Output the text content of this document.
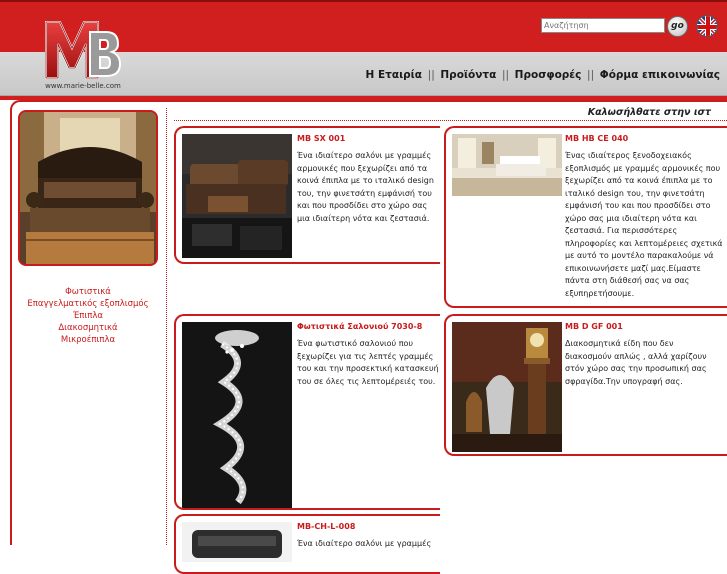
www.marie-belle.com
Αναζήτηση
go
Η Εταιρία || Προϊόντα || Προσφορές || Φόρμα επικοινωνίας
Φωτιστικά
Επαγγελματικός εξοπλισμός
Έπιπλα
Διακοσμητικά
Μικροέπιπλα
Καλωσήλθατε στην ιστ
MB SX 001
Ένα ιδιαίτερο σαλόνι με γραμμές αρμονικές που ξεχωρίζει από τα κοινά έπιπλα με το ιταλικό design του, την φινετσάτη εμφάνισή του και που προσδίδει στο χώρο σας μια ιδιαίτερη νότα και ζεστασιά.
MB HB CE 040
Ένας ιδιαίτερος ξενοδοχειακός εξοπλισμός με γραμμές αρμονικές που ξεχωρίζει από τα κοινά έπιπλα με το ιταλικό design του, την φινετσάτη εμφάνισή του και που προσδίδει στο χώρο σας μια ιδιαίτερη νότα και ζεστασιά. Για περισσότερες πληροφορίες και λεπτομέρειες σχετικά με αυτό το μοντέλο παρακαλούμε νά επικοινωνήσετε μαζί μας.Είμαστε πάντα στη διάθεσή σας να σας εξυπηρετήσουμε.
Φωτιστικά Σαλονιού 7030-8
Ένα φωτιστικό σαλονιού που ξεχωρίζει για τις λεπτές γραμμές του και την προσεκτική κατασκευή του σε όλες τις λεπτομέρειές του.
MB D GF 001
Διακοσμητικά είδη που δεν διακοσμούν απλώς , αλλά χαρίζουν στόν χώρο σας την προσωπική σας σφραγίδα.Την υπογραφή σας.
MB-CH-L-008
Ένα ιδιαίτερο σαλόνι με γραμμές
